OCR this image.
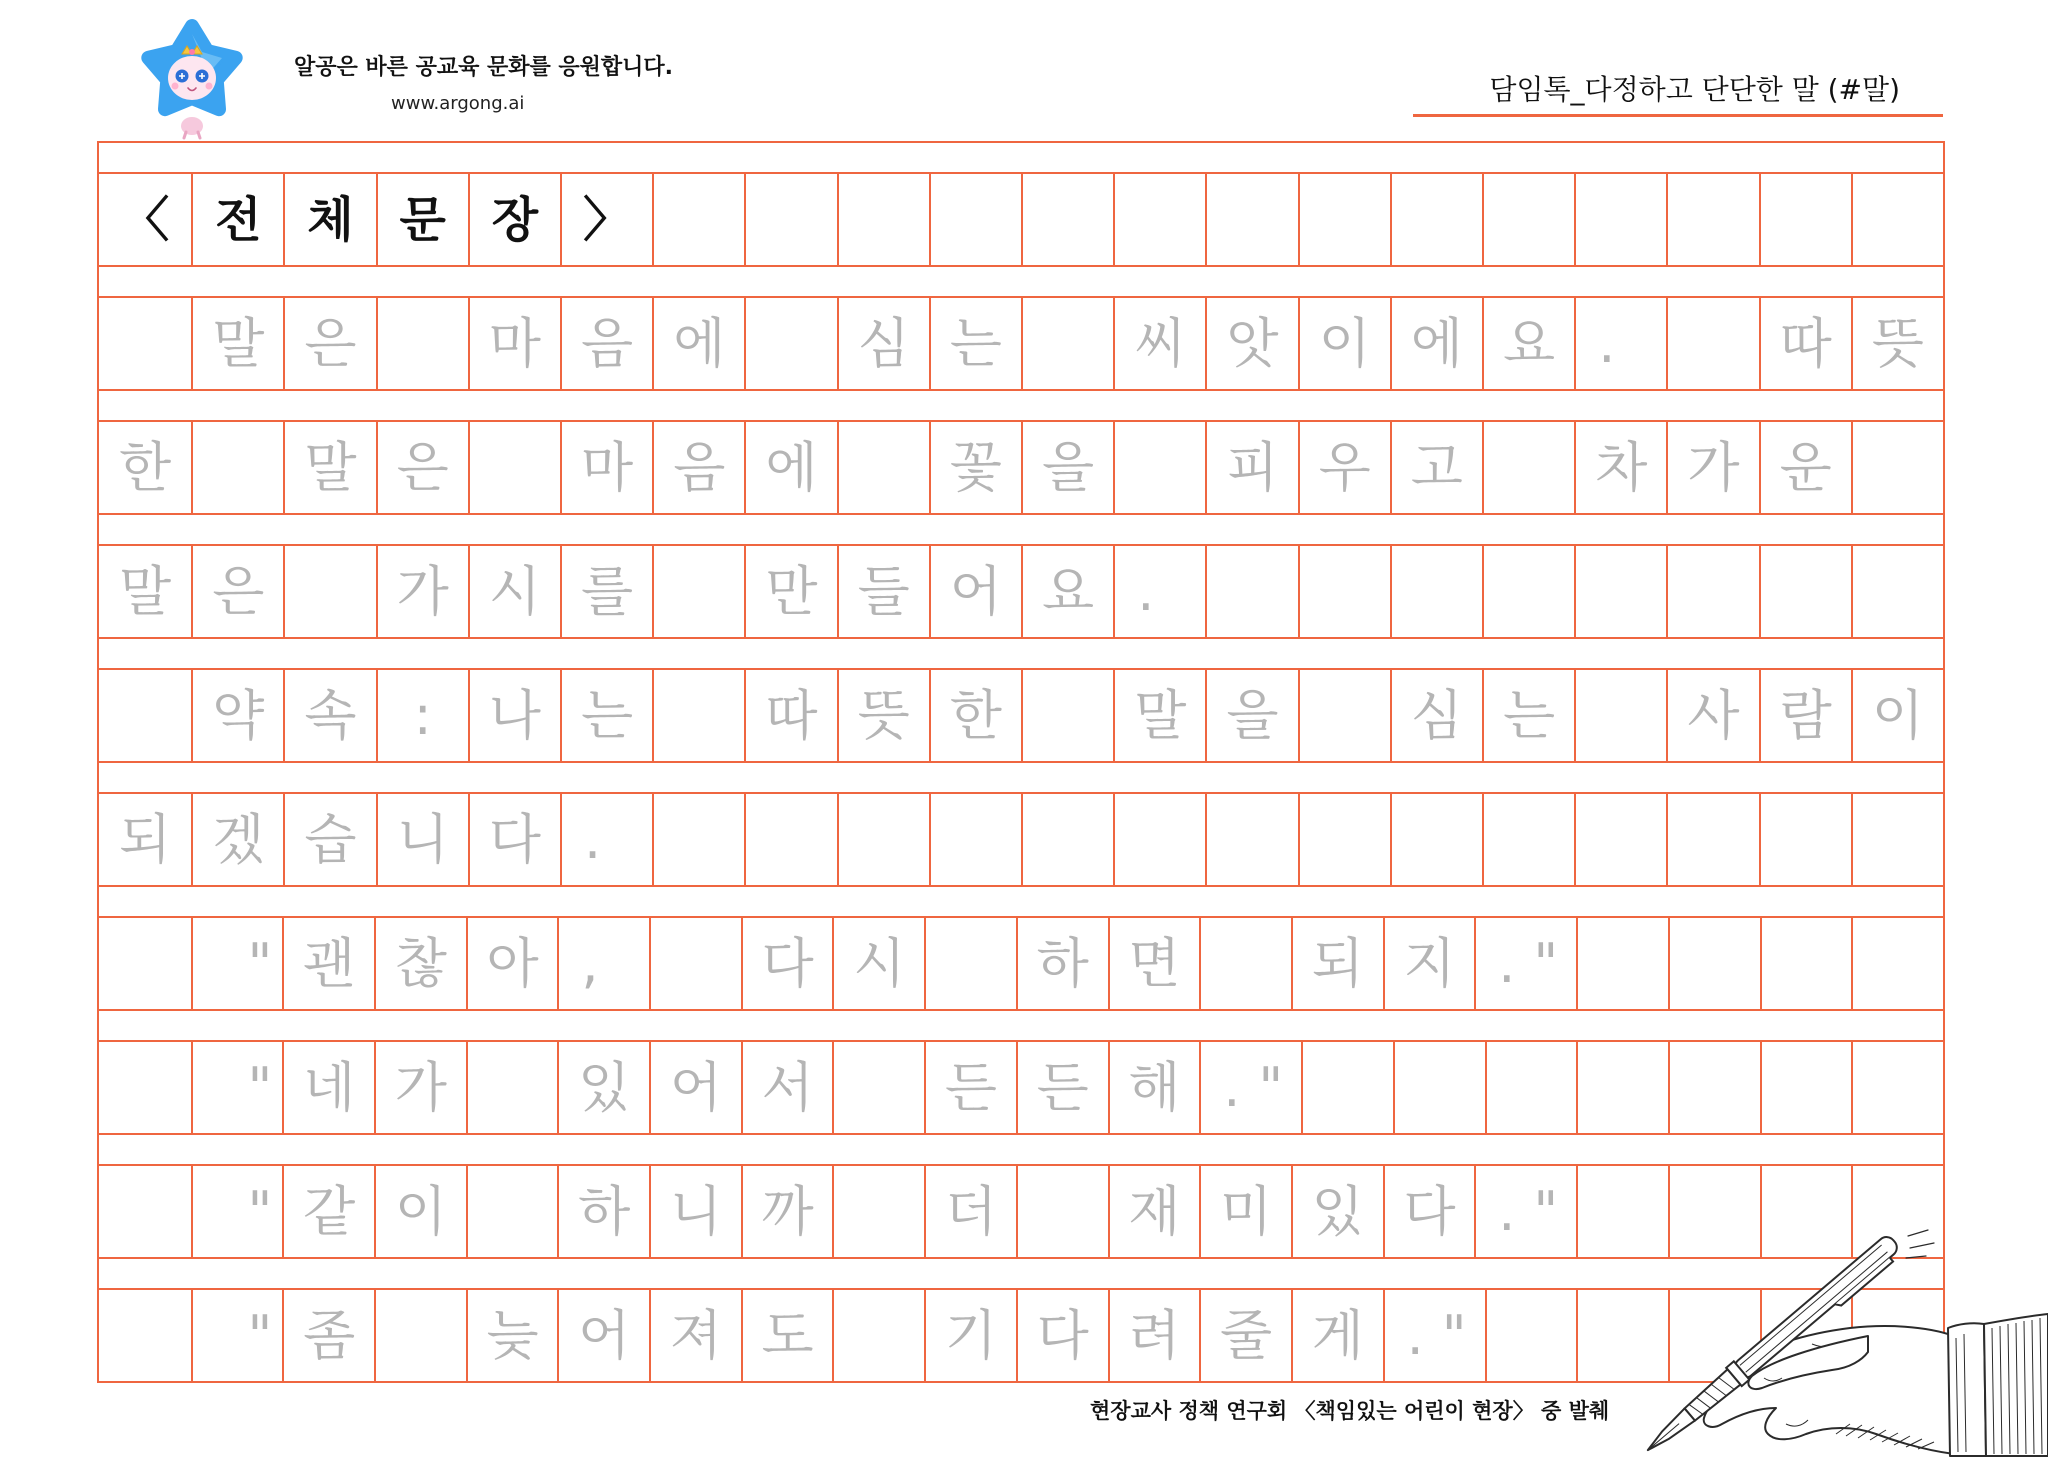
알공은 바른 공교육 문화를 응원합니다.
www.argong.ai	담임톡_다정하고 단단한 말 (#말)
〈 전 체 문 장 〉
말 은	마 음 에	심 는	씨 앗 이 에 요 .	따 뜻
한	말 은	마 음 에	꽃 을	피 우 고	차 가 운
말 은	가 시 를	만 들 어 요 .
약 속	:	나 는	따 뜻 한	말 을	심 는	사 람 이
되 겠 습 니 다 .
" 괜 찮 아 ,	다 시	하 면	되 지 ."
" 네 가	있 어 서	든 든 해 ."
" 같 이	하 니 까	더	재 미 있 다 ."
" 좀	늦 어 져 도	기 다 려 줄 게 ."
현장교사 정책 연구회 〈책임있는 어린이 현장〉 중 발췌
